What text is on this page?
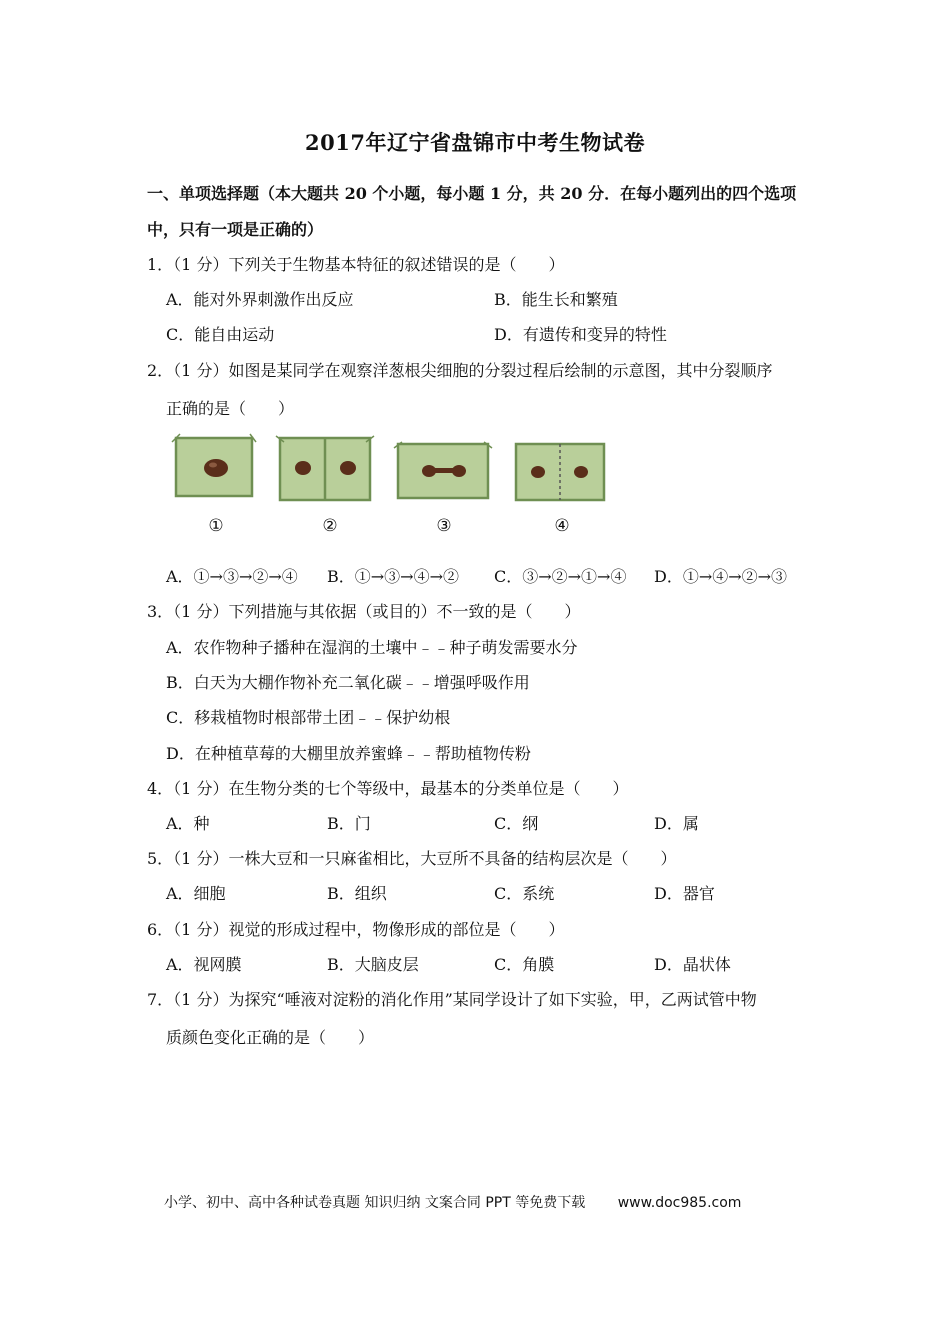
2017年辽宁省盘锦市中考生物试卷
一、单项选择题（本大题共 20 个小题，每小题 1 分，共 20 分．在每小题列出的四个选项
中，只有一项是正确的）
1．（1 分）下列关于生物基本特征的叙述错误的是（　　）
A．能对外界刺激作出反应	B．能生长和繁殖
C．能自由运动	D．有遗传和变异的特性
2．（1 分）如图是某同学在观察洋葱根尖细胞的分裂过程后绘制的示意图，其中分裂顺序
正确的是（　　）
①	②	③	④
A．①→③→②→④ B．①→③→④→② C．③→②→①→④ D．①→④→②→③
3．（1 分）下列措施与其依据（或目的）不一致的是（　　）
A．农作物种子播种在湿润的土壤中﹣﹣种子萌发需要水分
B．白天为大棚作物补充二氧化碳﹣﹣增强呼吸作用
C．移栽植物时根部带土团﹣﹣保护幼根
D．在种植草莓的大棚里放养蜜蜂﹣﹣帮助植物传粉
4．（1 分）在生物分类的七个等级中，最基本的分类单位是（　　）
A．种	B．门	C．纲	D．属
5．（1 分）一株大豆和一只麻雀相比，大豆所不具备的结构层次是（　　）
A．细胞	B．组织	C．系统	D．器官
6．（1 分）视觉的形成过程中，物像形成的部位是（　　）
A．视网膜	B．大脑皮层	C．角膜	D．晶状体
7．（1 分）为探究“唾液对淀粉的消化作用”某同学设计了如下实验，甲，乙两试管中物
质颜色变化正确的是（　　）
小学、初中、高中各种试卷真题 知识归纳 文案合同 PPT 等免费下载 www.doc985.com
